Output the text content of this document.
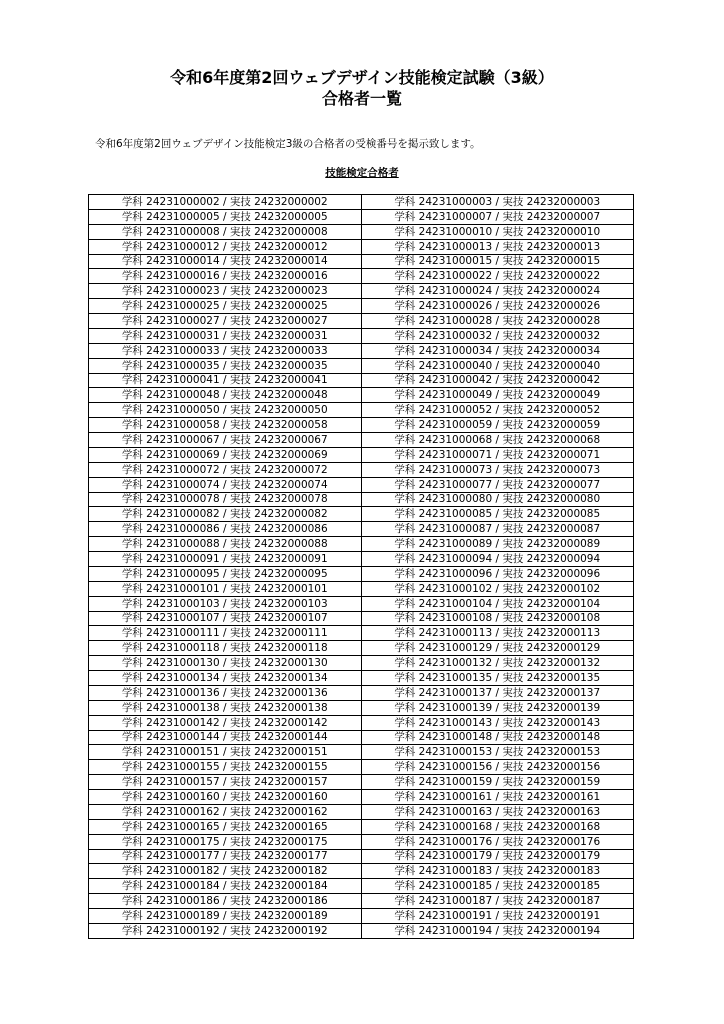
令和6年度第2回ウェブデザイン技能検定試験（3級）
合格者一覧
令和6年度第2回ウェブデザイン技能検定3級の合格者の受検番号を掲示致します。
技能検定合格者
学科 24231000002 / 実技 24232000002	学科 24231000003 / 実技 24232000003
学科 24231000005 / 実技 24232000005	学科 24231000007 / 実技 24232000007
学科 24231000008 / 実技 24232000008	学科 24231000010 / 実技 24232000010
学科 24231000012 / 実技 24232000012	学科 24231000013 / 実技 24232000013
学科 24231000014 / 実技 24232000014	学科 24231000015 / 実技 24232000015
学科 24231000016 / 実技 24232000016	学科 24231000022 / 実技 24232000022
学科 24231000023 / 実技 24232000023	学科 24231000024 / 実技 24232000024
学科 24231000025 / 実技 24232000025	学科 24231000026 / 実技 24232000026
学科 24231000027 / 実技 24232000027	学科 24231000028 / 実技 24232000028
学科 24231000031 / 実技 24232000031	学科 24231000032 / 実技 24232000032
学科 24231000033 / 実技 24232000033	学科 24231000034 / 実技 24232000034
学科 24231000035 / 実技 24232000035	学科 24231000040 / 実技 24232000040
学科 24231000041 / 実技 24232000041	学科 24231000042 / 実技 24232000042
学科 24231000048 / 実技 24232000048	学科 24231000049 / 実技 24232000049
学科 24231000050 / 実技 24232000050	学科 24231000052 / 実技 24232000052
学科 24231000058 / 実技 24232000058	学科 24231000059 / 実技 24232000059
学科 24231000067 / 実技 24232000067	学科 24231000068 / 実技 24232000068
学科 24231000069 / 実技 24232000069	学科 24231000071 / 実技 24232000071
学科 24231000072 / 実技 24232000072	学科 24231000073 / 実技 24232000073
学科 24231000074 / 実技 24232000074	学科 24231000077 / 実技 24232000077
学科 24231000078 / 実技 24232000078	学科 24231000080 / 実技 24232000080
学科 24231000082 / 実技 24232000082	学科 24231000085 / 実技 24232000085
学科 24231000086 / 実技 24232000086	学科 24231000087 / 実技 24232000087
学科 24231000088 / 実技 24232000088	学科 24231000089 / 実技 24232000089
学科 24231000091 / 実技 24232000091	学科 24231000094 / 実技 24232000094
学科 24231000095 / 実技 24232000095	学科 24231000096 / 実技 24232000096
学科 24231000101 / 実技 24232000101	学科 24231000102 / 実技 24232000102
学科 24231000103 / 実技 24232000103	学科 24231000104 / 実技 24232000104
学科 24231000107 / 実技 24232000107	学科 24231000108 / 実技 24232000108
学科 24231000111 / 実技 24232000111	学科 24231000113 / 実技 24232000113
学科 24231000118 / 実技 24232000118	学科 24231000129 / 実技 24232000129
学科 24231000130 / 実技 24232000130	学科 24231000132 / 実技 24232000132
学科 24231000134 / 実技 24232000134	学科 24231000135 / 実技 24232000135
学科 24231000136 / 実技 24232000136	学科 24231000137 / 実技 24232000137
学科 24231000138 / 実技 24232000138	学科 24231000139 / 実技 24232000139
学科 24231000142 / 実技 24232000142	学科 24231000143 / 実技 24232000143
学科 24231000144 / 実技 24232000144	学科 24231000148 / 実技 24232000148
学科 24231000151 / 実技 24232000151	学科 24231000153 / 実技 24232000153
学科 24231000155 / 実技 24232000155	学科 24231000156 / 実技 24232000156
学科 24231000157 / 実技 24232000157	学科 24231000159 / 実技 24232000159
学科 24231000160 / 実技 24232000160	学科 24231000161 / 実技 24232000161
学科 24231000162 / 実技 24232000162	学科 24231000163 / 実技 24232000163
学科 24231000165 / 実技 24232000165	学科 24231000168 / 実技 24232000168
学科 24231000175 / 実技 24232000175	学科 24231000176 / 実技 24232000176
学科 24231000177 / 実技 24232000177	学科 24231000179 / 実技 24232000179
学科 24231000182 / 実技 24232000182	学科 24231000183 / 実技 24232000183
学科 24231000184 / 実技 24232000184	学科 24231000185 / 実技 24232000185
学科 24231000186 / 実技 24232000186	学科 24231000187 / 実技 24232000187
学科 24231000189 / 実技 24232000189	学科 24231000191 / 実技 24232000191
学科 24231000192 / 実技 24232000192	学科 24231000194 / 実技 24232000194
